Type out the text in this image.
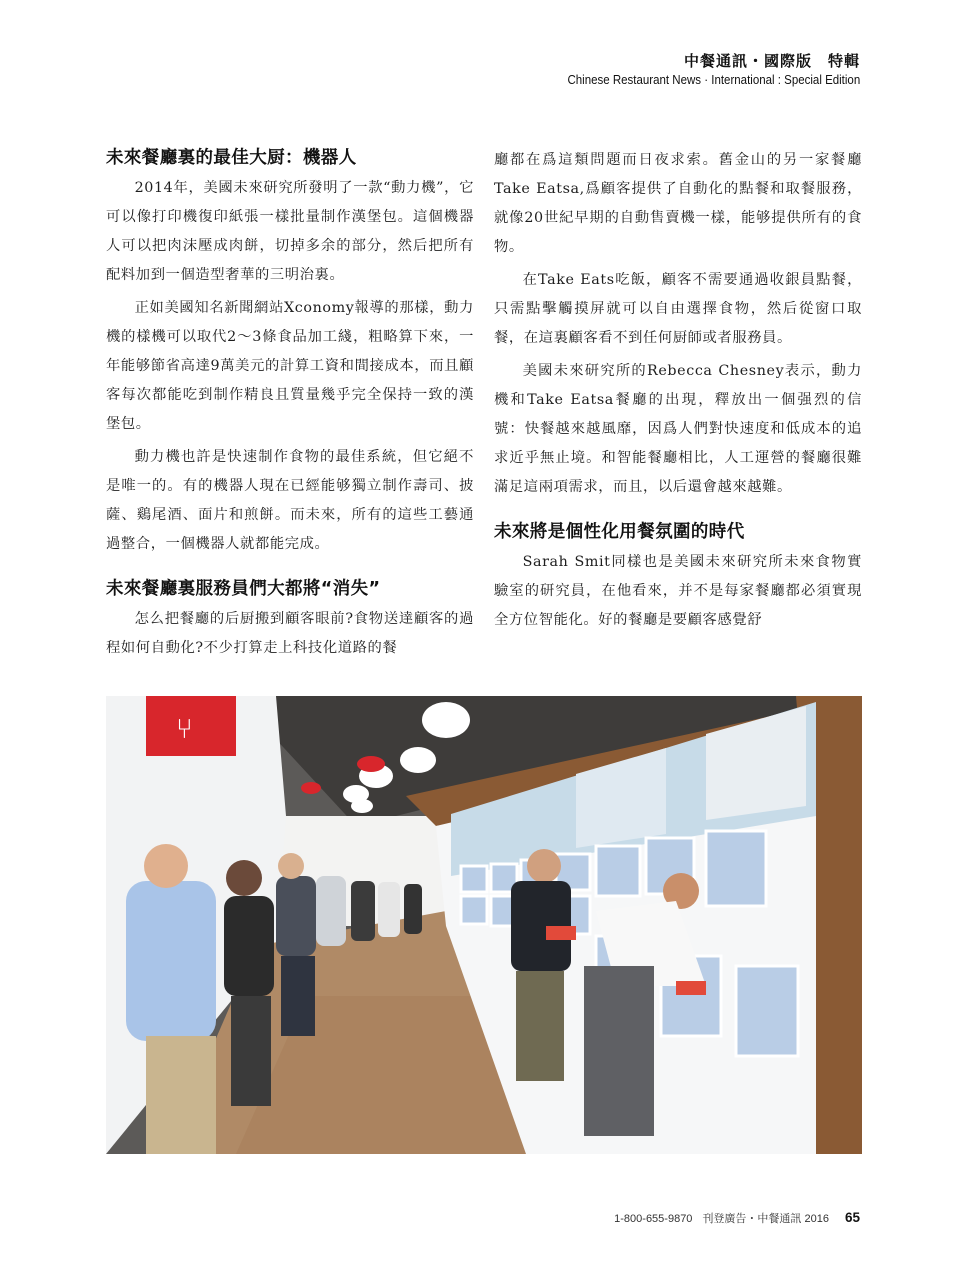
中餐通訊・國際版　特輯
Chinese Restaurant News · International : Special Edition
未來餐廳裏的最佳大厨：機器人

2014年，美國未來研究所發明了一款“動力機”，它可以像打印機復印紙張一樣批量制作漢堡包。這個機器人可以把肉沫壓成肉餅，切掉多余的部分，然后把所有配料加到一個造型奢華的三明治裏。

正如美國知名新聞網站Xconomy報導的那樣，動力機的樣機可以取代2～3條食品加工綫，粗略算下來，一年能够節省高達9萬美元的計算工資和間接成本，而且顧客每次都能吃到制作精良且質量幾乎完全保持一致的漢堡包。

動力機也許是快速制作食物的最佳系統，但它絕不是唯一的。有的機器人現在已經能够獨立制作壽司、披薩、鷄尾酒、面片和煎餅。而未來，所有的這些工藝通過整合，一個機器人就都能完成。

未來餐廳裏服務員們大都將“消失”

怎么把餐廳的后厨搬到顧客眼前?食物送達顧客的過程如何自動化?不少打算走上科技化道路的餐

廳都在爲這類問題而日夜求索。舊金山的另一家餐廳Take Eatsa,爲顧客提供了自動化的點餐和取餐服務，就像20世紀早期的自動售賣機一樣，能够提供所有的食物。

在Take Eats吃飯，顧客不需要通過收銀員點餐，只需點擊觸摸屏就可以自由選擇食物，然后從窗口取餐，在這裏顧客看不到任何厨師或者服務員。

美國未來研究所的Rebecca Chesney表示，動力機和Take Eatsa餐廳的出現，釋放出一個强烈的信號：快餐越來越風靡，因爲人們對快速度和低成本的追求近乎無止境。和智能餐廳相比，人工運營的餐廳很難滿足這兩項需求，而且，以后還會越來越難。

未來將是個性化用餐氛圍的時代

Sarah Smit同樣也是美國未來研究所未來食物實驗室的研究員，在他看來，并不是每家餐廳都必須實現全方位智能化。好的餐廳是要顧客感覺舒

⑂
1-800-655-9870 刊登廣告・中餐通訊 2016 65
